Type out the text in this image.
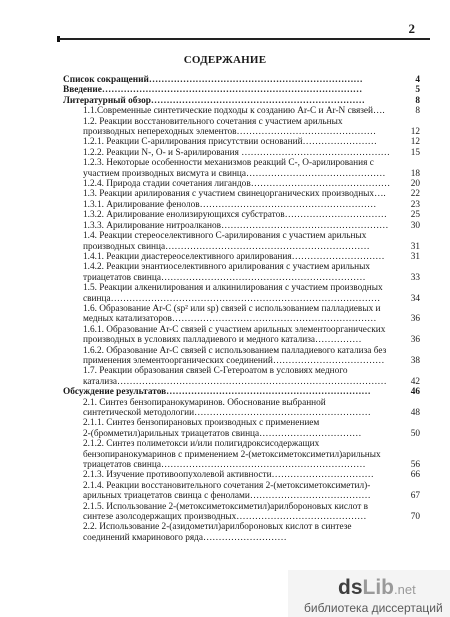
2
СОДЕРЖАНИЕ
Список сокращений……………………………………………………………	4
Введение…………………………………………………………………………	5
Литературный обзор……………………………………………………………	8
1.1.Современные синтетические подходы к созданию Ar-C и Ar-N связей….	8
1.2. Реакции восстановительного сочетания с участием арильных
производных непереходных элементов………………………………………	12
1.2.1. Реакции C-арилирования присутствии оснований……………………	12
1.2.2. Реакции N-, O- и S-арилирования …………………………………………	15
1.2.3. Некоторые особенности механизмов реакций C-, O-арилирования с
участием производных висмута и свинца………………………………………	18
1.2.4. Природа стадии сочетания лигандов………………………………………	20
1.3. Реакции арилирования с участием свинецорганических производных….	22
1.3.1. Арилирование фенолов…………………………………………………	23
1.3.2. Арилирование енолизирующихся субстратов……………………………	25
1.3.3. Арилирование нитроалканов………………………………………………	30
1.4. Реакции стереоселективного C-арилирования с участием арильных
производных свинца…………………………………………………………	31
1.4.1. Реакции диастереоселективного арилирования…………………………	31
1.4.2. Реакции энантиоселективного арилирования с участием арильных
триацетатов свинца…………………………………………………………	33
1.5. Реакции алкенилирования и алкинилирования с участием производных
свинца……………………………………………………………………………	34
1.6. Образование Ar-C (sp² или sp) связей с использованием палладиевых и
медных катализаторов…………………………………………………………	36
1.6.1. Образование Ar-C связей с участием арильных элементоорганических
производных в условиях палладиевого и медного катализа……………	36
1.6.2. Образование Ar-C связей с использованием палладиевого катализа без
применения элементоорганических соединений………………………………	38
1.7. Реакции образования связей C-Гетероатом в условиях медного
катализа……………………………………………………………………………	42
Обсуждение результатов…………………………………………………………	46
2.1. Синтез бензопиранокумаринов. Обоснование выбранной
синтетической методологии…………………………………………………	48
2.1.1. Синтез бензопирановых производных с применением
2-(бромметил)арильных триацетатов свинца……………………………	50
2.1.2. Синтез полиметокси и/или полигидроксисодержащих
бензопиранокумаринов с применением 2-(метоксиметоксиметил)арильных
триацетатов свинца…………………………………………………………	56
2.1.3. Изучение противоопухолевой активности……………………………	66
2.1.4. Реакции восстановительного сочетания 2-(метоксиметоксиметил)-
арильных триацетатов свинца с фенолами…………………………………	67
2.1.5. Использование 2-(метоксиметоксиметил)арилбороновых кислот в
синтезе азолсодержащих производных……………………………………	70
2.2. Использование 2-(азидометил)арилбороновых кислот в синтезе
соединений кмаринового ряда………………………
ds Lib .net
библиотека диссертаций
